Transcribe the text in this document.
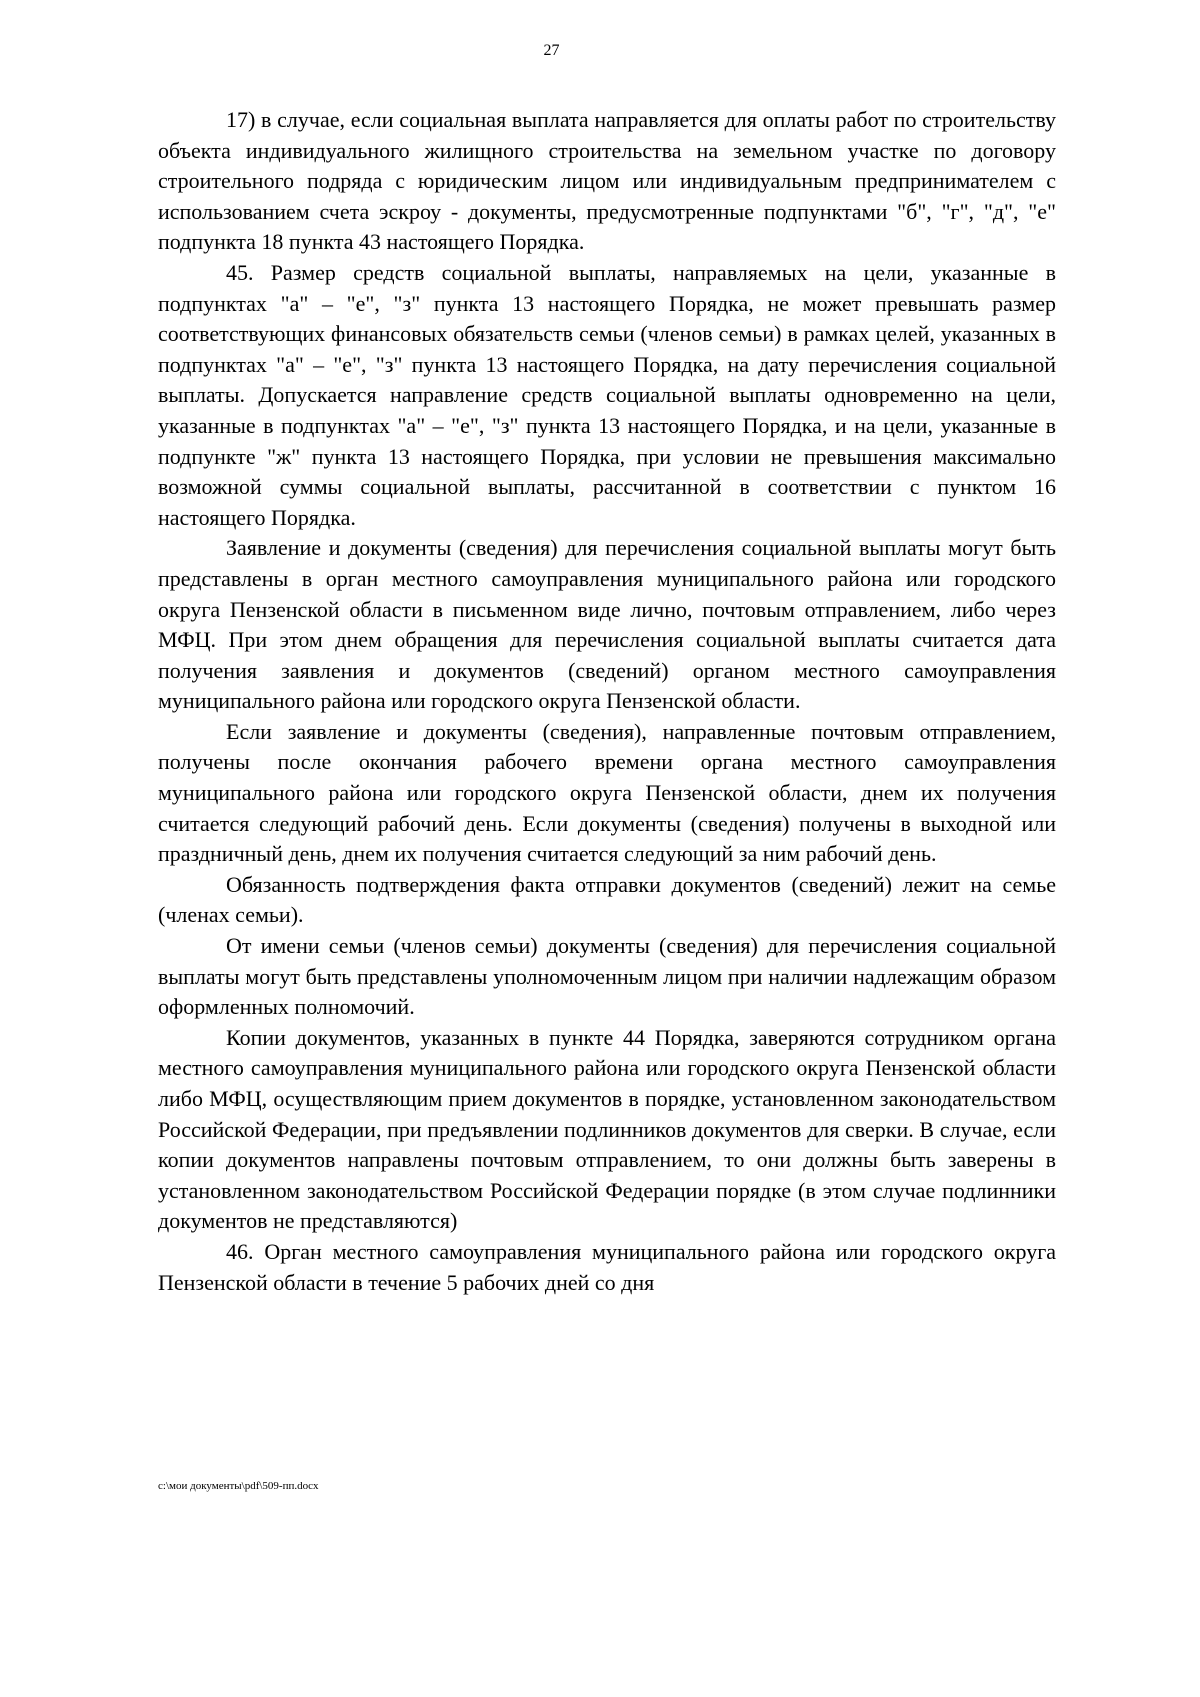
27

17) в случае, если социальная выплата направляется для оплаты работ по строительству объекта индивидуального жилищного строительства на земельном участке по договору строительного подряда с юридическим лицом или индивидуальным предпринимателем с использованием счета эскроу - документы, предусмотренные подпунктами "б", "г", "д", "е" подпункта 18 пункта 43 настоящего Порядка.

45. Размер средств социальной выплаты, направляемых на цели, указанные в подпунктах "а" – "е", "з" пункта 13 настоящего Порядка, не может превышать размер соответствующих финансовых обязательств семьи (членов семьи) в рамках целей, указанных в подпунктах "а" – "е", "з" пункта 13 настоящего Порядка, на дату перечисления социальной выплаты. Допускается направление средств социальной выплаты одновременно на цели, указанные в подпунктах "а" – "е", "з" пункта 13 настоящего Порядка, и на цели, указанные в подпункте "ж" пункта 13 настоящего Порядка, при условии не превышения максимально возможной суммы социальной выплаты, рассчитанной в соответствии с пунктом 16 настоящего Порядка.

Заявление и документы (сведения) для перечисления социальной выплаты могут быть представлены в орган местного самоуправления муниципального района или городского округа Пензенской области в письменном виде лично, почтовым отправлением, либо через МФЦ. При этом днем обращения для перечисления социальной выплаты считается дата получения заявления и документов (сведений) органом местного самоуправления муниципального района или городского округа Пензенской области.

Если заявление и документы (сведения), направленные почтовым отправлением, получены после окончания рабочего времени органа местного самоуправления муниципального района или городского округа Пензенской области, днем их получения считается следующий рабочий день. Если документы (сведения) получены в выходной или праздничный день, днем их получения считается следующий за ним рабочий день.

Обязанность подтверждения факта отправки документов (сведений) лежит на семье (членах семьи).

От имени семьи (членов семьи) документы (сведения) для перечисления социальной выплаты могут быть представлены уполномоченным лицом при наличии надлежащим образом оформленных полномочий.

Копии документов, указанных в пункте 44 Порядка, заверяются сотрудником органа местного самоуправления муниципального района или городского округа Пензенской области либо МФЦ, осуществляющим прием документов в порядке, установленном законодательством Российской Федерации, при предъявлении подлинников документов для сверки. В случае, если копии документов направлены почтовым отправлением, то они должны быть заверены в установленном законодательством Российской Федерации порядке (в этом случае подлинники документов не представляются)

46. Орган местного самоуправления муниципального района или городского округа Пензенской области в течение 5 рабочих дней со дня

c:\мои документы\pdf\509-пп.docx
